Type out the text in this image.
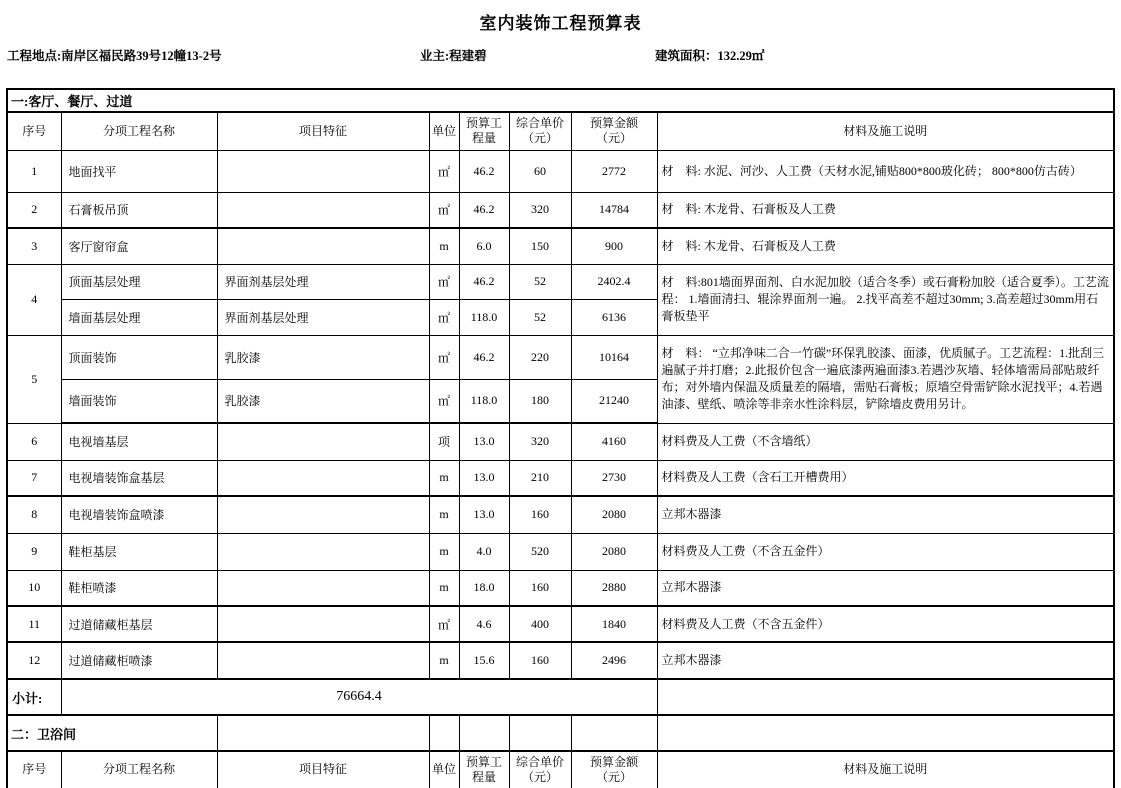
室内装饰工程预算表
工程地点:南岸区福民路39号12幢13-2号	业主:程建碧	建筑面积：132.29㎡
一:客厅、餐厅、过道							
序号	分项工程名称	项目特征	单位	预算工程量	综合单价（元）	预算金额（元）	材料及施工说明
1	地面找平		㎡	46.2	60	2772	材　料: 水泥、河沙、人工费（天材水泥,铺贴800*800玻化砖； 800*800仿古砖）
2	石膏板吊顶		㎡	46.2	320	14784	材　料: 木龙骨、石膏板及人工费
3	客厅窗帘盒		m	6.0	150	900	材　料: 木龙骨、石膏板及人工费
4	顶面基层处理	界面剂基层处理	㎡	46.2	52	2402.4	材　料:801墙面界面剂、白水泥加胶（适合冬季）或石膏粉加胶（适合夏季）。工艺流程： 1.墙面清扫、辊涂界面剂一遍。 2.找平高差不超过30mm; 3.高差超过30mm用石膏板垫平
	墙面基层处理	界面剂基层处理	㎡	118.0	52	6136	
5	顶面装饰	乳胶漆	㎡	46.2	220	10164	材　料： “立邦净味二合一竹碳”环保乳胶漆、面漆，优质腻子。工艺流程：1.批刮三遍腻子并打磨；2.此报价包含一遍底漆两遍面漆3.若遇沙灰墙、轻体墙需局部贴玻纤布；对外墙内保温及质量差的隔墙，需贴石膏板；原墙空骨需铲除水泥找平；4.若遇油漆、壁纸、喷涂等非亲水性涂料层，铲除墙皮费用另计。
	墙面装饰	乳胶漆	㎡	118.0	180	21240	
6	电视墙基层		项	13.0	320	4160	材料费及人工费（不含墙纸）
7	电视墙装饰盒基层		m	13.0	210	2730	材料费及人工费（含石工开槽费用）
8	电视墙装饰盒喷漆		m	13.0	160	2080	立邦木器漆
9	鞋柜基层		m	4.0	520	2080	材料费及人工费（不含五金件）
10	鞋柜喷漆		m	18.0	160	2880	立邦木器漆
11	过道储藏柜基层		㎡	4.6	400	1840	材料费及人工费（不含五金件）
12	过道储藏柜喷漆		m	15.6	160	2496	立邦木器漆
小计:	76664.4						
二：卫浴间							
序号	分项工程名称	项目特征	单位	预算工程量	综合单价（元）	预算金额（元）	材料及施工说明
